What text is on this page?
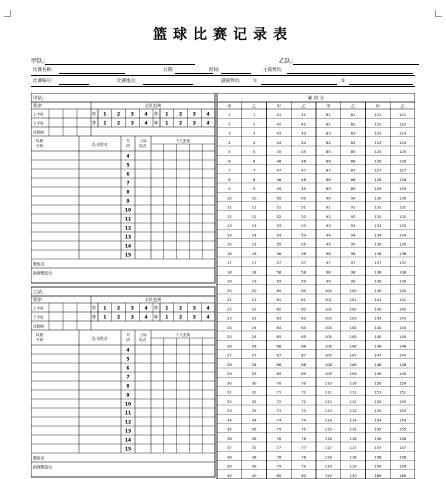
篮球比赛记录表
甲队:	乙队:
比赛名称:	日期:	时间:	主裁判员:
比赛编号:	比赛地点:	副裁判员:	①	②
甲队:
暂停:	全队犯规
上半时	① 1 2 3 4 ② 1 2 3 4
下半时	③ 1 2 3 4 ④ 1 2 3 4
决胜期
执照
号码	队员姓名
号
码
上场
队员
个人犯规
4
5
6
7
8
9
10
11
12
13
14
15
教练员
助理教练员
乙队:
暂停:	全队犯规
上半时	① 1 2 3 4 ② 1 2 3 4
下半时	③ 1 2 3 4 ④ 1 2 3 4
决胜期
执照
号码	队员姓名
号
码
上场
队员
个人犯规
4
5
6
7
8
9
10
11
12
13
14
15
教练员
助理教练员
累 进 分
甲	乙
1	1
2	2
3	3
4	4
5	5
6	6
7	7
8	8
9	9
10	10
11	11
12	12
13	13
14	14
15	15
16	16
17	17
18	18
19	19
20	20
21	21
22	22
23	23
24	24
25	25
26	26
27	27
28	28
29	29
30	30
31	31
32	32
33	33
34	34
35	35
36	36
37	37
38	38
39	39
40	40
甲	乙
41	41
42	42
43	43
44	44
45	45
46	46
47	47
48	48
49	49
50	50
51	51
52	52
53	53
54	54
55	55
56	56
57	57
58	58
59	59
60	60
61	61
62	62
63	63
64	64
65	65
66	66
67	67
68	68
69	69
70	70
71	71
72	72
73	73
74	74
75	75
76	76
77	77
78	78
79	79
80	80
甲	乙
81	81
82	82
83	83
84	84
85	85
86	86
87	87
88	88
89	89
90	90
91	91
92	92
93	93
94	94
95	95
96	96
97	97
98	98
99	99
100	100
101	101
102	102
103	103
104	104
105	105
106	106
107	107
108	108
109	109
110	110
111	111
112	112
113	113
114	114
115	115
116	116
117	117
118	118
119	119
120	120
甲	乙
121	121
122	122
123	123
124	124
125	125
126	126
127	127
128	128
129	129
130	130
131	131
132	132
133	133
134	134
135	135
136	136
137	137
138	138
139	139
140	140
141	141
142	142
143	143
144	144
145	145
146	146
147	147
148	148
149	149
150	150
151	151
152	152
153	153
154	154
155	155
156	156
157	157
158	158
159	159
160	160
